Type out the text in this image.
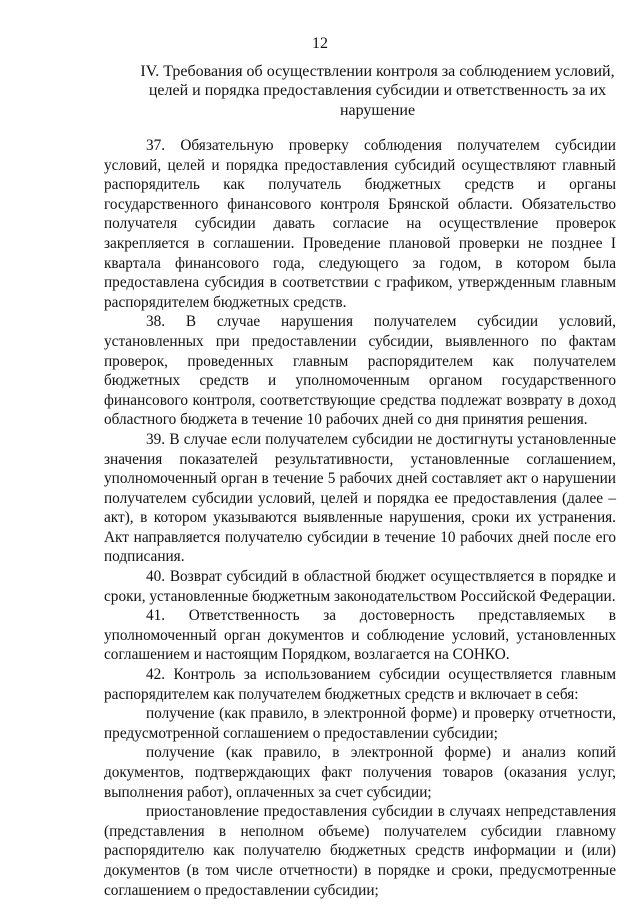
12
IV. Требования об осуществлении контроля за соблюдением условий, целей и порядка предоставления субсидии и ответственность за их нарушение

37. Обязательную проверку соблюдения получателем субсидии условий, целей и порядка предоставления субсидий осуществляют главный распорядитель как получатель бюджетных средств и органы государственного финансового контроля Брянской области. Обязательство получателя субсидии давать согласие на осуществление проверок закрепляется в соглашении. Проведение плановой проверки не позднее I квартала финансового года, следующего за годом, в котором была предоставлена субсидия в соответствии с графиком, утвержденным главным распорядителем бюджетных средств.

38. В случае нарушения получателем субсидии условий, установленных при предоставлении субсидии, выявленного по фактам проверок, проведенных главным распорядителем как получателем бюджетных средств и уполномоченным органом государственного финансового контроля, соответствующие средства подлежат возврату в доход областного бюджета в течение 10 рабочих дней со дня принятия решения.

39. В случае если получателем субсидии не достигнуты установленные значения показателей результативности, установленные соглашением, уполномоченный орган в течение 5 рабочих дней составляет акт о нарушении получателем субсидии условий, целей и порядка ее предоставления (далее – акт), в котором указываются выявленные нарушения, сроки их устранения. Акт направляется получателю субсидии в течение 10 рабочих дней после его подписания.

40. Возврат субсидий в областной бюджет осуществляется в порядке и сроки, установленные бюджетным законодательством Российской Федерации.

41. Ответственность за достоверность представляемых в уполномоченный орган документов и соблюдение условий, установленных соглашением и настоящим Порядком, возлагается на СОНКО.

42. Контроль за использованием субсидии осуществляется главным распорядителем как получателем бюджетных средств и включает в себя:

получение (как правило, в электронной форме) и проверку отчетности, предусмотренной соглашением о предоставлении субсидии;

получение (как правило, в электронной форме) и анализ копий документов, подтверждающих факт получения товаров (оказания услуг, выполнения работ), оплаченных за счет субсидии;

приостановление предоставления субсидии в случаях непредставления (представления в неполном объеме) получателем субсидии главному распорядителю как получателю бюджетных средств информации и (или) документов (в том числе отчетности) в порядке и сроки, предусмотренные соглашением о предоставлении субсидии;
